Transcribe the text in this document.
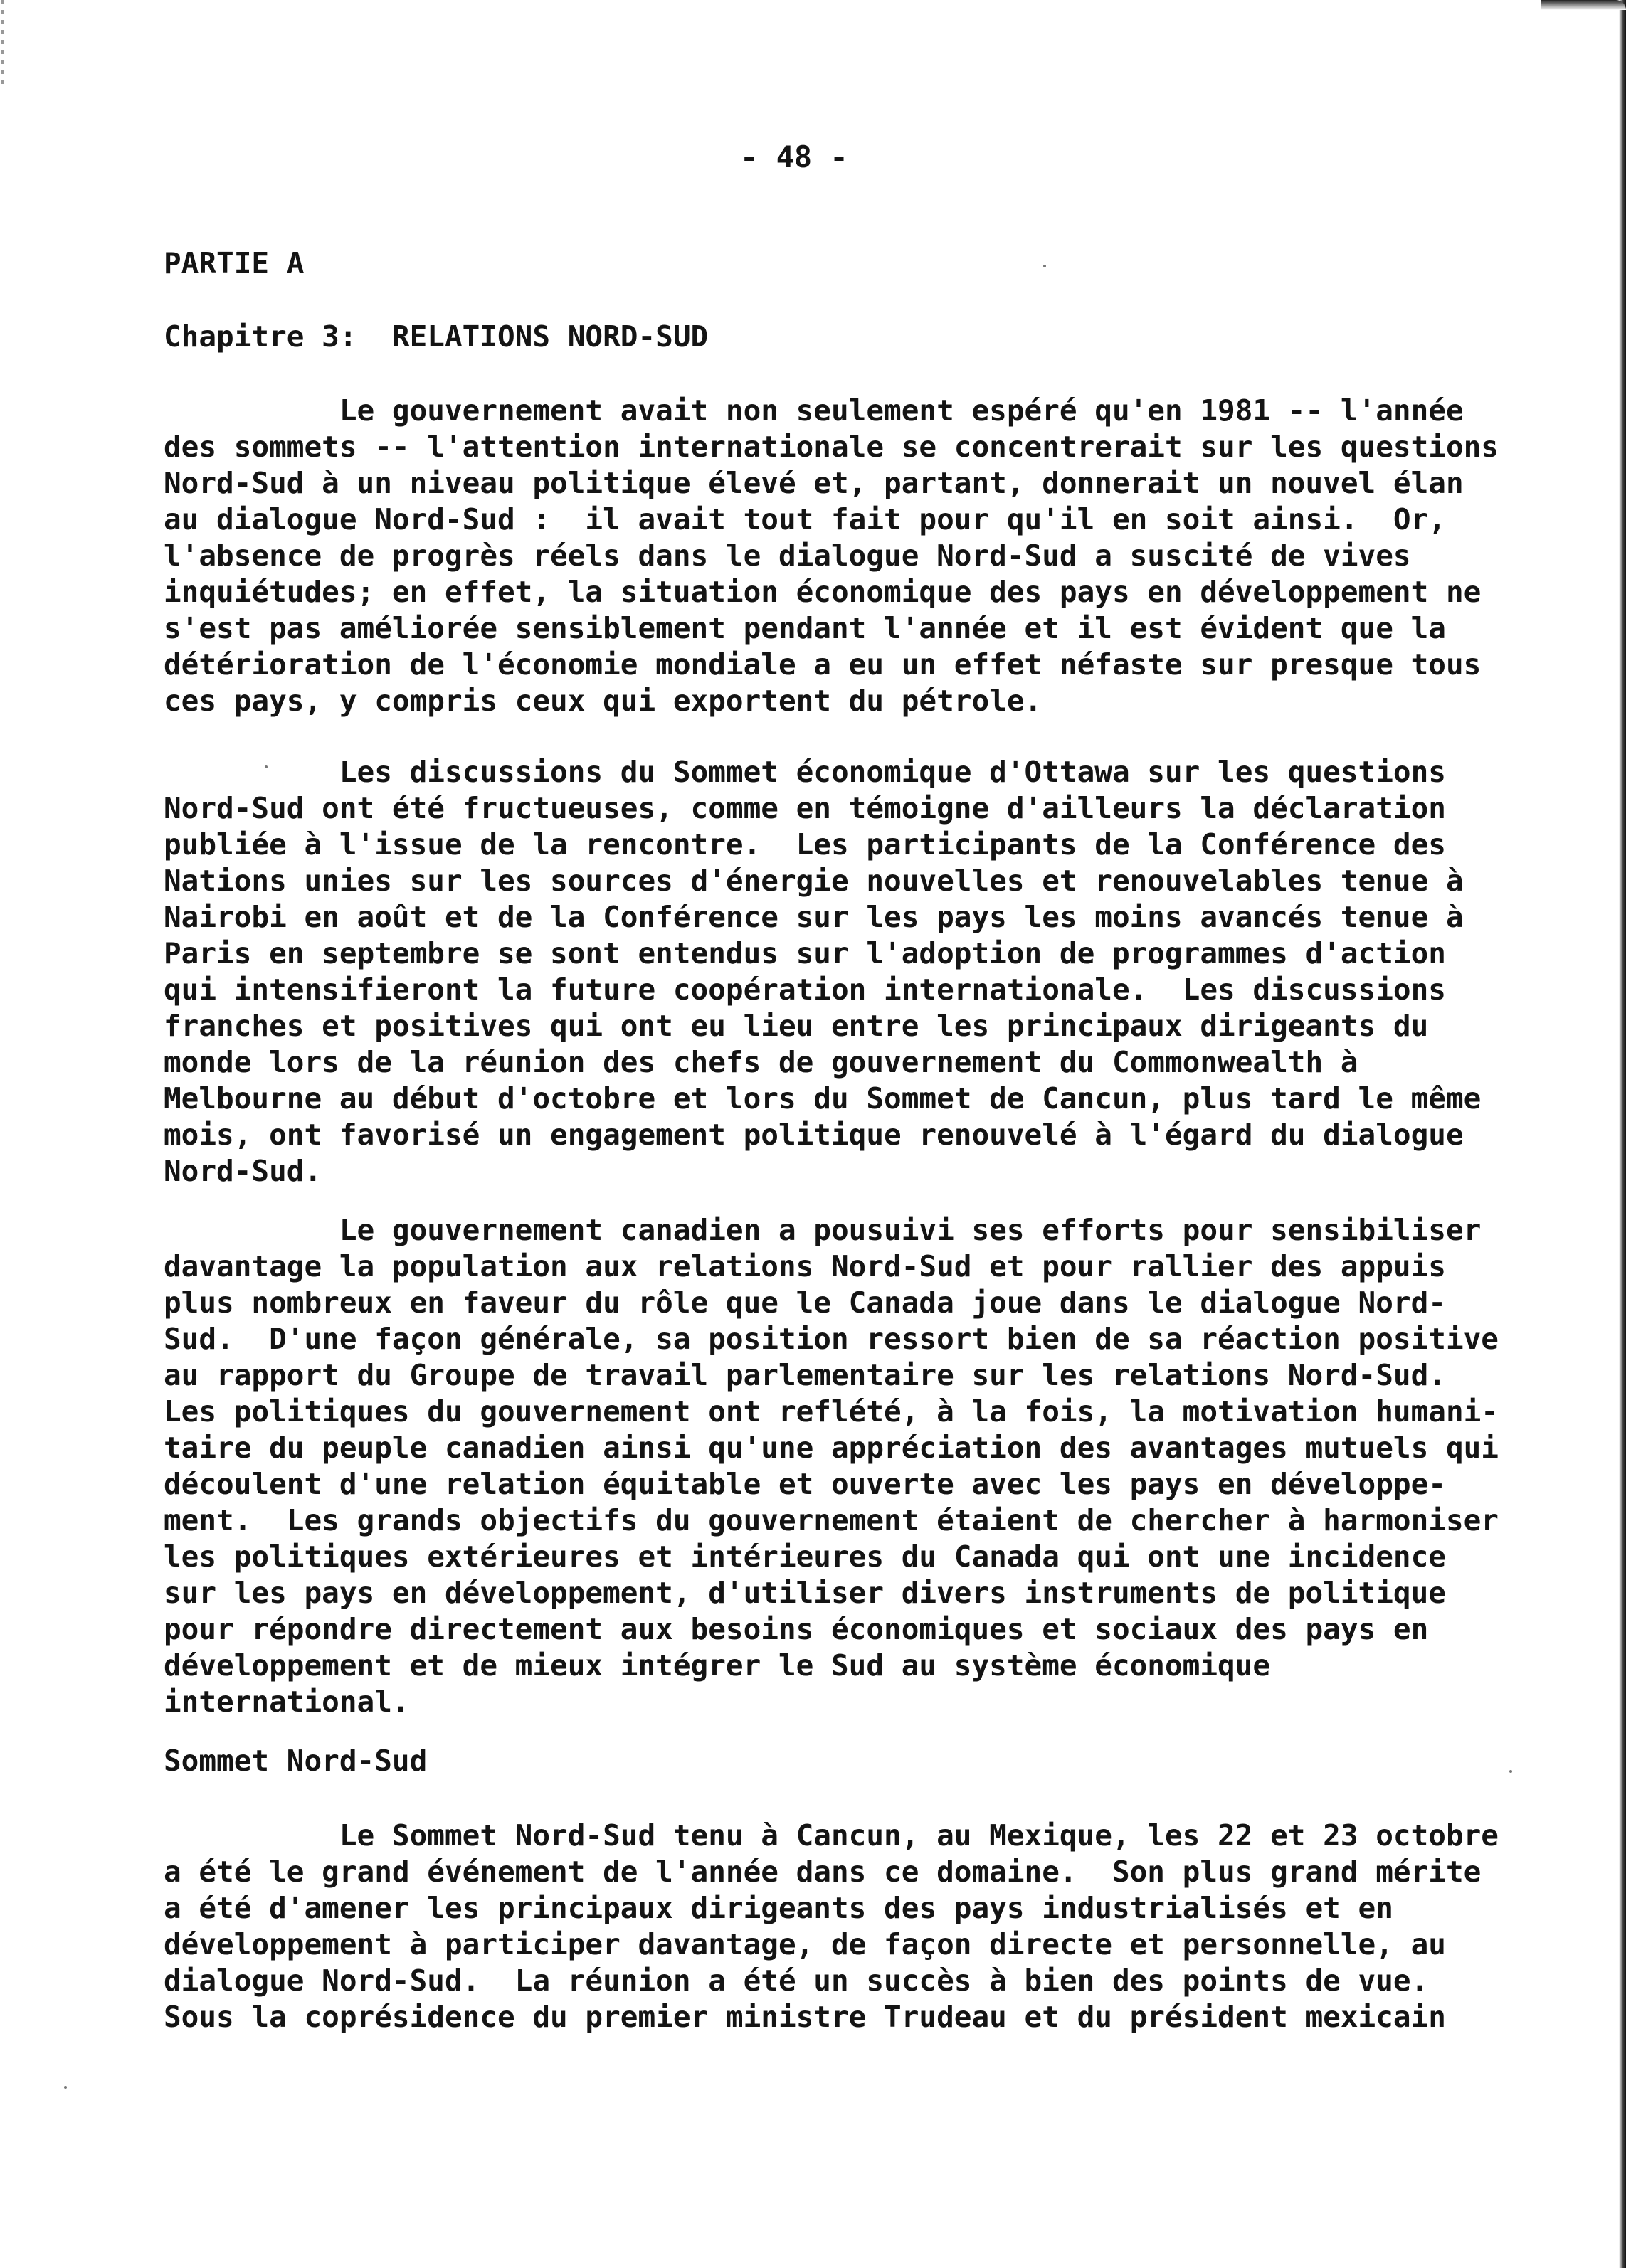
- 48 -
PARTIE A
Chapitre 3:  RELATIONS NORD-SUD
Le gouvernement avait non seulement espéré qu'en 1981 -- l'année
des sommets -- l'attention internationale se concentrerait sur les questions
Nord-Sud à un niveau politique élevé et, partant, donnerait un nouvel élan
au dialogue Nord-Sud :  il avait tout fait pour qu'il en soit ainsi.  Or,
l'absence de progrès réels dans le dialogue Nord-Sud a suscité de vives
inquiétudes; en effet, la situation économique des pays en développement ne
s'est pas améliorée sensiblement pendant l'année et il est évident que la
détérioration de l'économie mondiale a eu un effet néfaste sur presque tous
ces pays, y compris ceux qui exportent du pétrole.
Les discussions du Sommet économique d'Ottawa sur les questions
Nord-Sud ont été fructueuses, comme en témoigne d'ailleurs la déclaration
publiée à l'issue de la rencontre.  Les participants de la Conférence des
Nations unies sur les sources d'énergie nouvelles et renouvelables tenue à
Nairobi en août et de la Conférence sur les pays les moins avancés tenue à
Paris en septembre se sont entendus sur l'adoption de programmes d'action
qui intensifieront la future coopération internationale.  Les discussions
franches et positives qui ont eu lieu entre les principaux dirigeants du
monde lors de la réunion des chefs de gouvernement du Commonwealth à
Melbourne au début d'octobre et lors du Sommet de Cancun, plus tard le même
mois, ont favorisé un engagement politique renouvelé à l'égard du dialogue
Nord-Sud.
Le gouvernement canadien a pousuivi ses efforts pour sensibiliser
davantage la population aux relations Nord-Sud et pour rallier des appuis
plus nombreux en faveur du rôle que le Canada joue dans le dialogue Nord-
Sud.  D'une façon générale, sa position ressort bien de sa réaction positive
au rapport du Groupe de travail parlementaire sur les relations Nord-Sud.
Les politiques du gouvernement ont reflété, à la fois, la motivation humani-
taire du peuple canadien ainsi qu'une appréciation des avantages mutuels qui
découlent d'une relation équitable et ouverte avec les pays en développe-
ment.  Les grands objectifs du gouvernement étaient de chercher à harmoniser
les politiques extérieures et intérieures du Canada qui ont une incidence
sur les pays en développement, d'utiliser divers instruments de politique
pour répondre directement aux besoins économiques et sociaux des pays en
développement et de mieux intégrer le Sud au système économique
international.
Sommet Nord-Sud
Le Sommet Nord-Sud tenu à Cancun, au Mexique, les 22 et 23 octobre
a été le grand événement de l'année dans ce domaine.  Son plus grand mérite
a été d'amener les principaux dirigeants des pays industrialisés et en
développement à participer davantage, de façon directe et personnelle, au
dialogue Nord-Sud.  La réunion a été un succès à bien des points de vue.
Sous la coprésidence du premier ministre Trudeau et du président mexicain
